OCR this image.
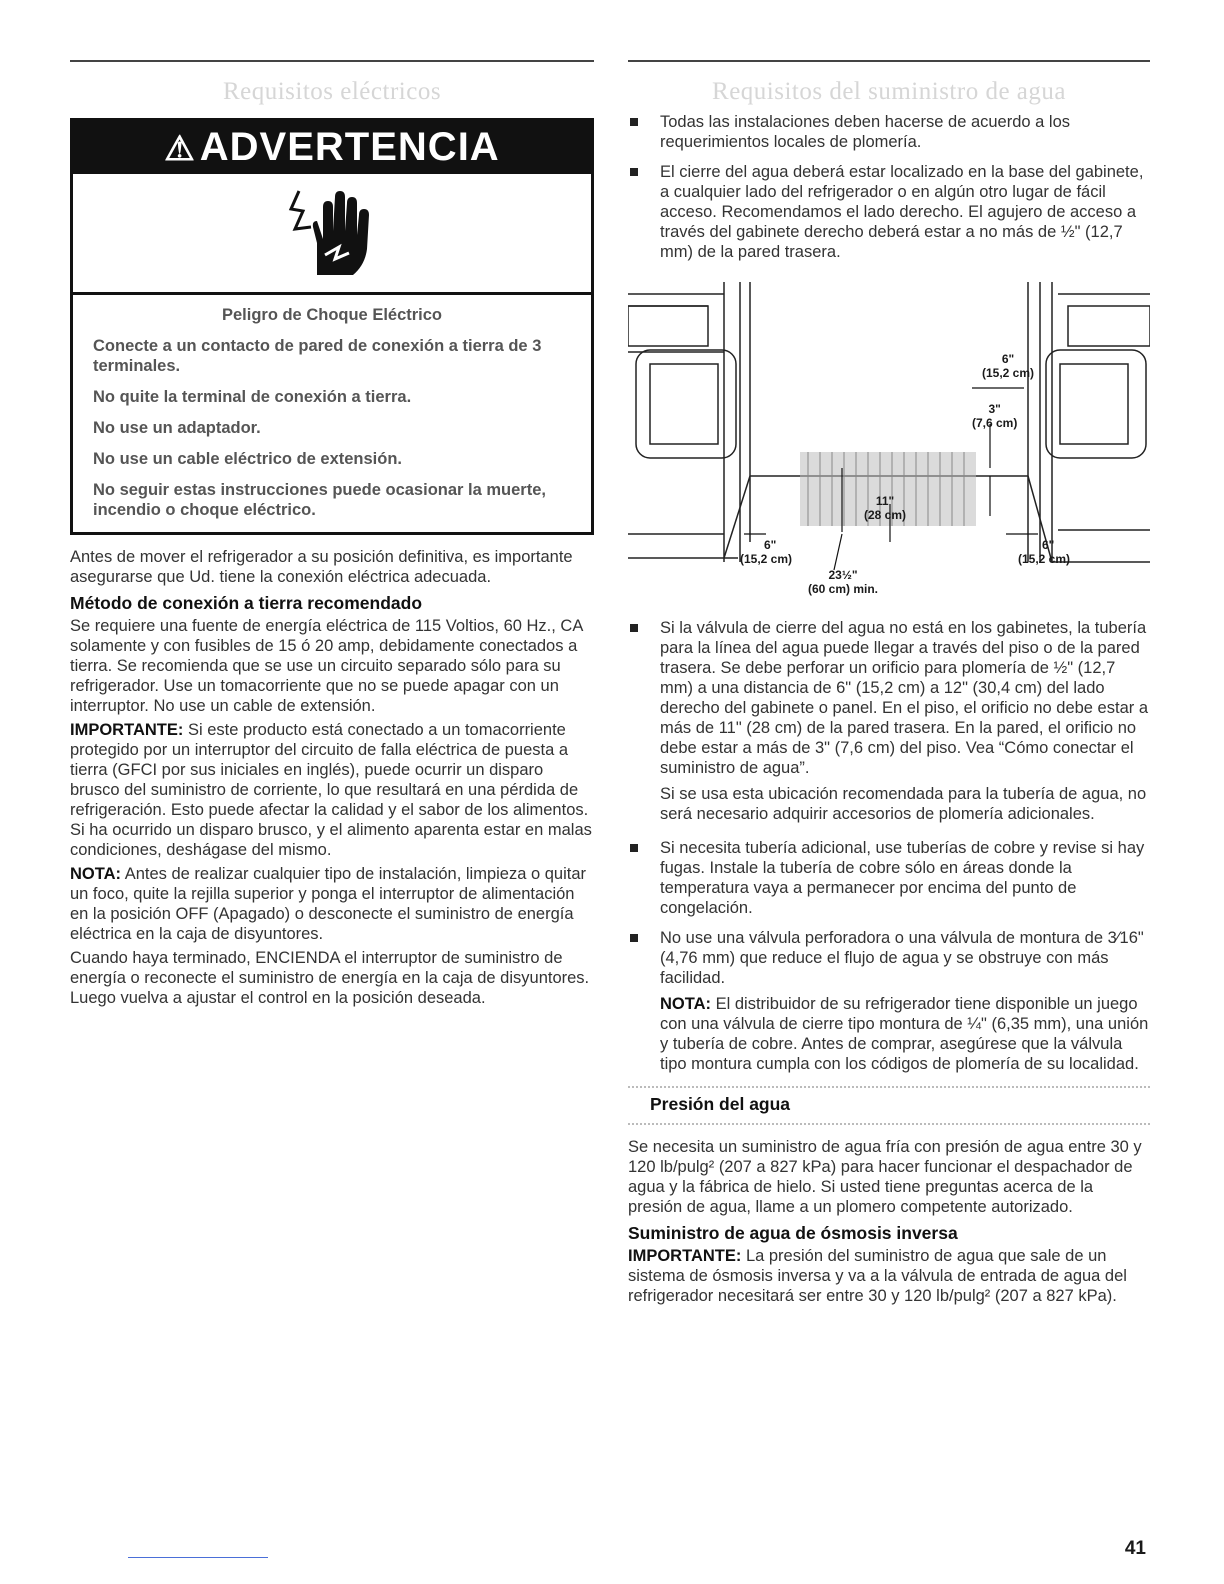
Requisitos eléctricos
⚠ ADVERTENCIA

Peligro de Choque Eléctrico

Conecte a un contacto de pared de conexión a tierra de 3 terminales.

No quite la terminal de conexión a tierra.

No use un adaptador.

No use un cable eléctrico de extensión.

No seguir estas instrucciones puede ocasionar la muerte, incendio o choque eléctrico.

Antes de mover el refrigerador a su posición definitiva, es importante asegurarse que Ud. tiene la conexión eléctrica adecuada.

Método de conexión a tierra recomendado

Se requiere una fuente de energía eléctrica de 115 Voltios, 60 Hz., CA solamente y con fusibles de 15 ó 20 amp, debidamente conectados a tierra. Se recomienda que se use un circuito separado sólo para su refrigerador. Use un tomacorriente que no se puede apagar con un interruptor. No use un cable de extensión.

IMPORTANTE: Si este producto está conectado a un tomacorriente protegido por un interruptor del circuito de falla eléctrica de puesta a tierra (GFCI por sus iniciales en inglés), puede ocurrir un disparo brusco del suministro de corriente, lo que resultará en una pérdida de refrigeración. Esto puede afectar la calidad y el sabor de los alimentos. Si ha ocurrido un disparo brusco, y el alimento aparenta estar en malas condiciones, deshágase del mismo.

NOTA: Antes de realizar cualquier tipo de instalación, limpieza o quitar un foco, quite la rejilla superior y ponga el interruptor de alimentación en la posición OFF (Apagado) o desconecte el suministro de energía eléctrica en la caja de disyuntores.

Cuando haya terminado, ENCIENDA el interruptor de suministro de energía o reconecte el suministro de energía en la caja de disyuntores. Luego vuelva a ajustar el control en la posición deseada.

Requisitos del suministro de agua
Todas las instalaciones deben hacerse de acuerdo a los requerimientos locales de plomería.
El cierre del agua deberá estar localizado en la base del gabinete, a cualquier lado del refrigerador o en algún otro lugar de fácil acceso. Recomendamos el lado derecho. El agujero de acceso a través del gabinete derecho deberá estar a no más de ½" (12,7 mm) de la pared trasera.
6"
(15,2 cm)
3"
(7,6 cm)
11"
(28 cm)
6"
(15,2 cm)
6"
(15,2 cm)
23½"
(60 cm) min.
Si la válvula de cierre del agua no está en los gabinetes, la tubería para la línea del agua puede llegar a través del piso o de la pared trasera. Se debe perforar un orificio para plomería de ½" (12,7 mm) a una distancia de 6" (15,2 cm) a 12" (30,4 cm) del lado derecho del gabinete o panel. En el piso, el orificio no debe estar a más de 11" (28 cm) de la pared trasera. En la pared, el orificio no debe estar a más de 3" (7,6 cm) del piso. Vea “Cómo conectar el suministro de agua”.

Si se usa esta ubicación recomendada para la tubería de agua, no será necesario adquirir accesorios de plomería adicionales.

Si necesita tubería adicional, use tuberías de cobre y revise si hay fugas. Instale la tubería de cobre sólo en áreas donde la temperatura vaya a permanecer por encima del punto de congelación.
No use una válvula perforadora o una válvula de montura de 3⁄16" (4,76 mm) que reduce el flujo de agua y se obstruye con más facilidad.

NOTA: El distribuidor de su refrigerador tiene disponible un juego con una válvula de cierre tipo montura de ¼" (6,35 mm), una unión y tubería de cobre. Antes de comprar, asegúrese que la válvula tipo montura cumpla con los códigos de plomería de su localidad.

Presión del agua

Se necesita un suministro de agua fría con presión de agua entre 30 y 120 lb/pulg² (207 a 827 kPa) para hacer funcionar el despachador de agua y la fábrica de hielo. Si usted tiene preguntas acerca de la presión de agua, llame a un plomero competente autorizado.

Suministro de agua de ósmosis inversa

IMPORTANTE: La presión del suministro de agua que sale de un sistema de ósmosis inversa y va a la válvula de entrada de agua del refrigerador necesitará ser entre 30 y 120 lb/pulg² (207 a 827 kPa).

41
